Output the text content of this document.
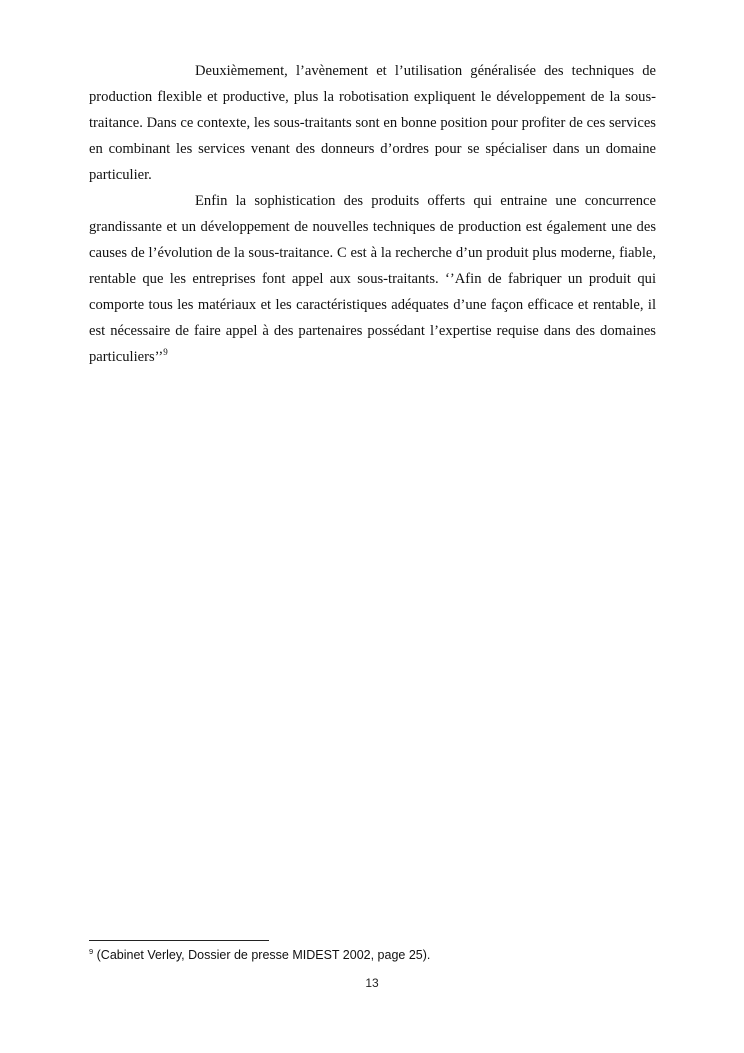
Deuxièmement, l’avènement et l’utilisation généralisée des techniques de production flexible et productive, plus la robotisation expliquent le développement de la sous-traitance. Dans ce contexte, les sous-traitants sont en bonne position pour profiter de ces services en combinant les services venant des donneurs d’ordres pour se spécialiser dans un domaine particulier.

Enfin la sophistication des produits offerts qui entraine une concurrence grandissante et un développement de nouvelles techniques de production est également une des causes de l’évolution de la sous-traitance. C est à la recherche d’un produit plus moderne, fiable, rentable que les entreprises font appel aux sous-traitants. ‘’Afin de fabriquer un produit qui comporte tous les matériaux et les caractéristiques adéquates d’une façon efficace et rentable, il est nécessaire de faire appel à des partenaires possédant l’expertise requise dans des domaines particuliers’’$^9$

$^9$ (Cabinet Verley, Dossier de presse MIDEST 2002, page 25).
13
